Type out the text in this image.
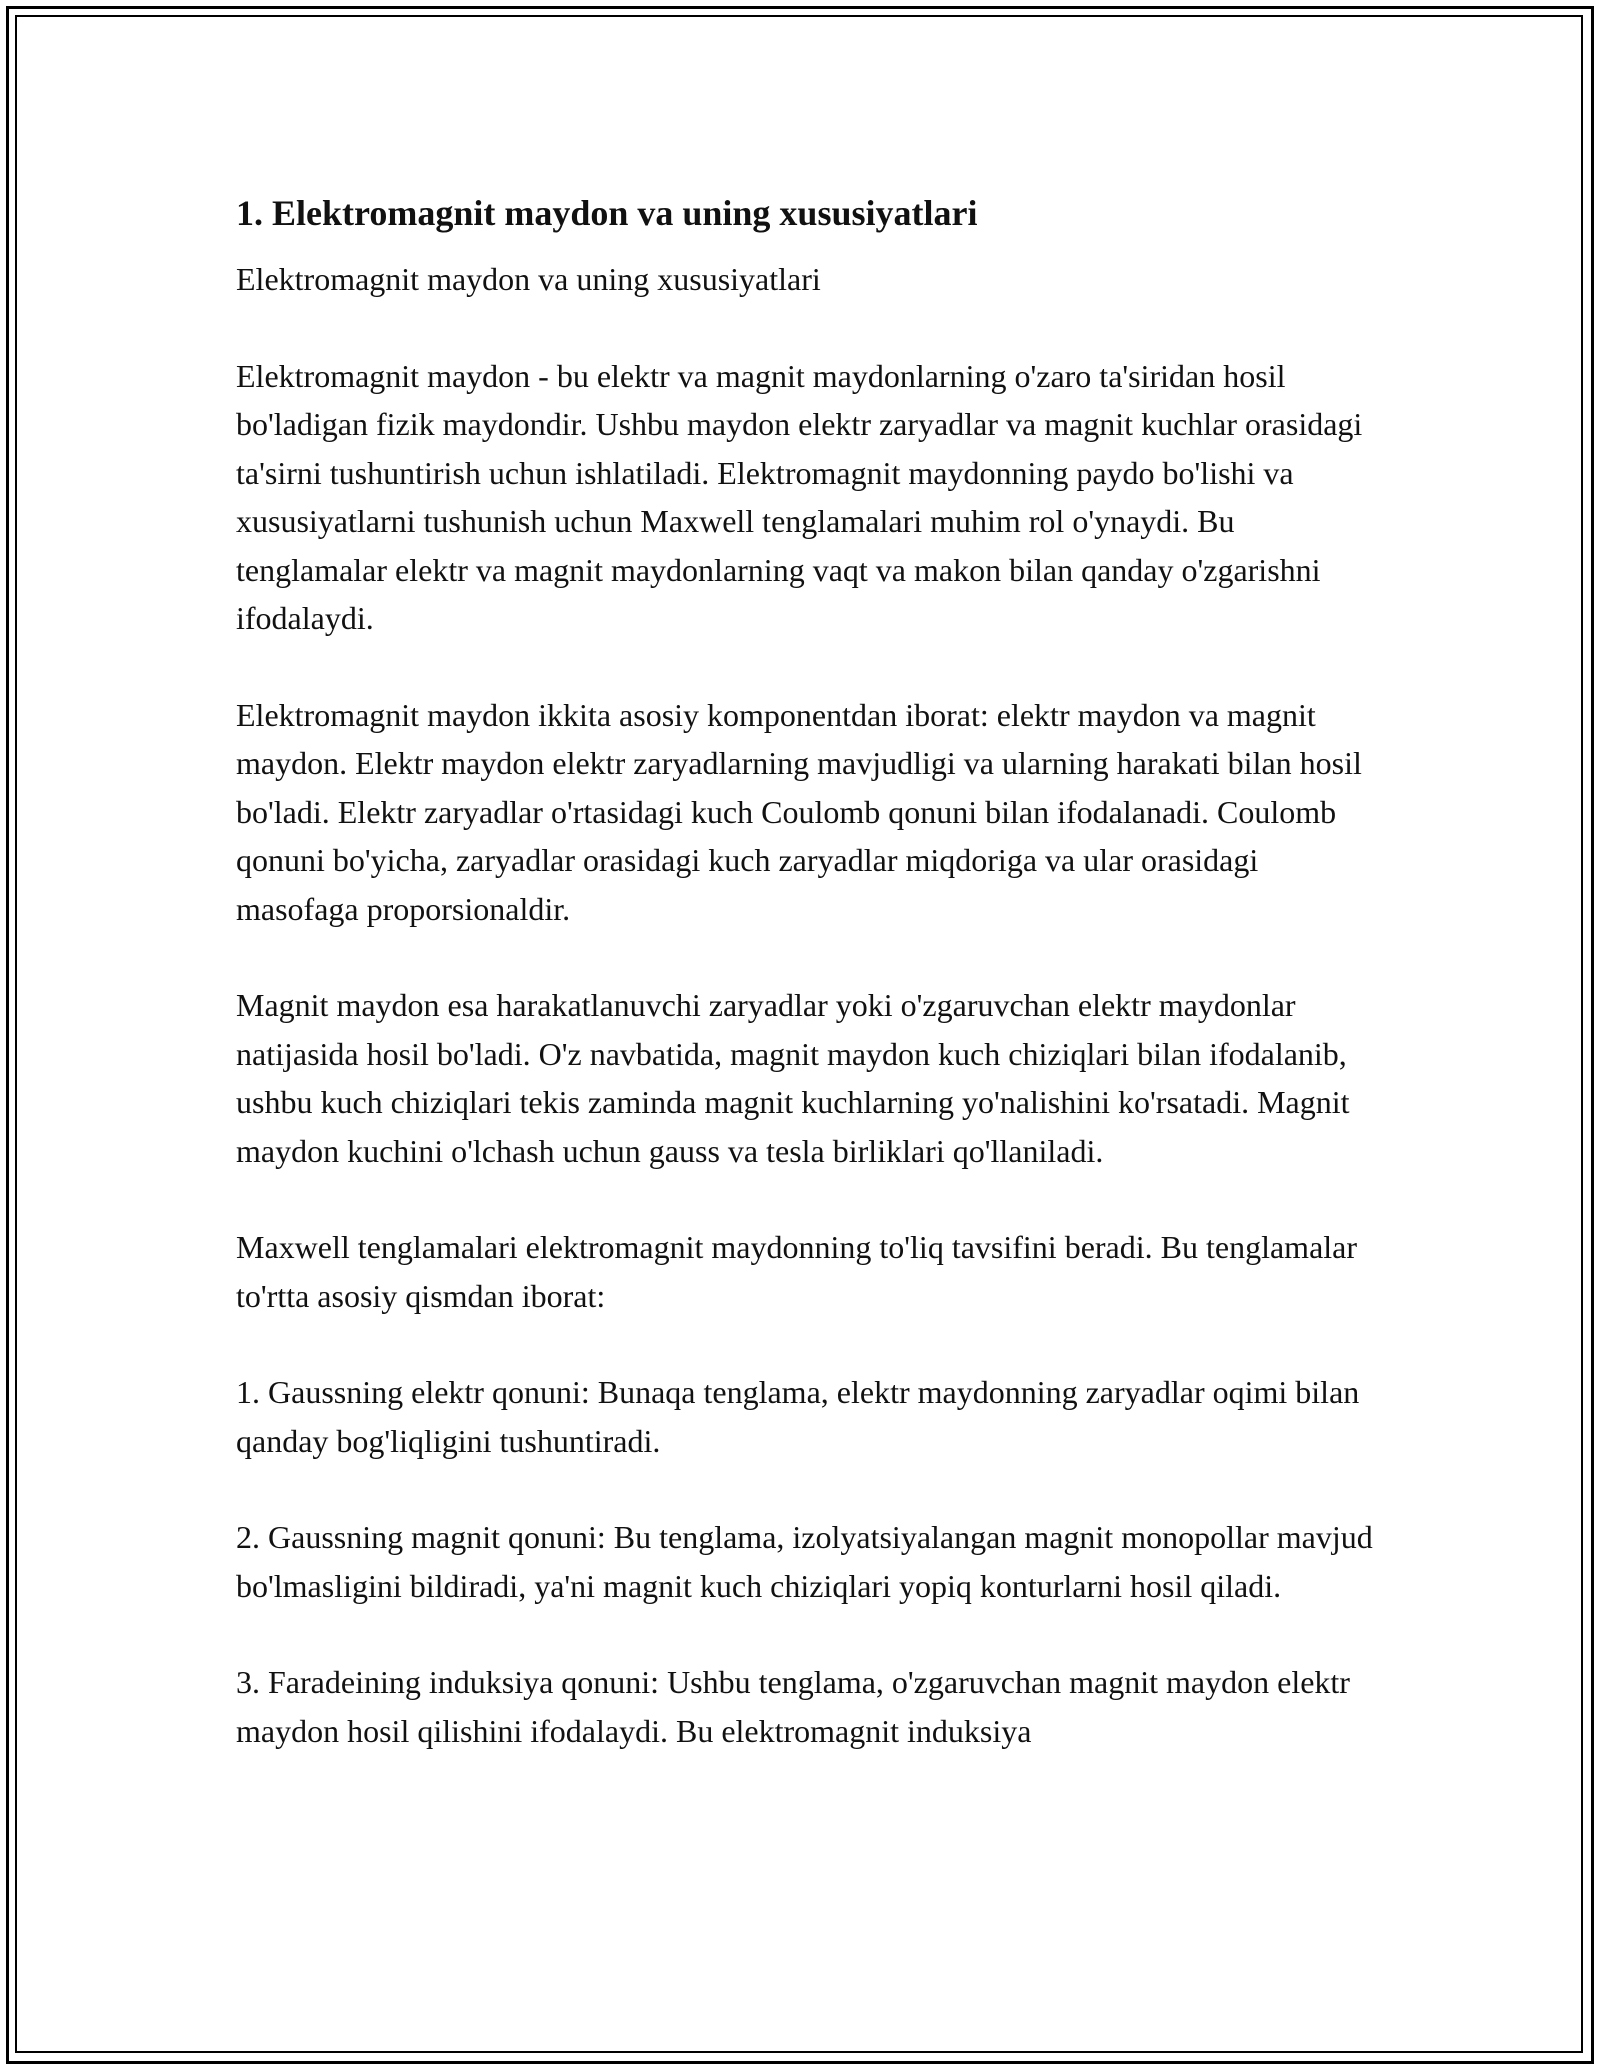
1. Elektromagnit maydon va uning xususiyatlari

Elektromagnit maydon va uning xususiyatlari

Elektromagnit maydon - bu elektr va magnit maydonlarning o'zaro ta'siridan hosil bo'ladigan fizik maydondir. Ushbu maydon elektr zaryadlar va magnit kuchlar orasidagi ta'sirni tushuntirish uchun ishlatiladi. Elektromagnit maydonning paydo bo'lishi va xususiyatlarni tushunish uchun Maxwell tenglamalari muhim rol o'ynaydi. Bu tenglamalar elektr va magnit maydonlarning vaqt va makon bilan qanday o'zgarishni ifodalaydi.

Elektromagnit maydon ikkita asosiy komponentdan iborat: elektr maydon va magnit maydon. Elektr maydon elektr zaryadlarning mavjudligi va ularning harakati bilan hosil bo'ladi. Elektr zaryadlar o'rtasidagi kuch Coulomb qonuni bilan ifodalanadi. Coulomb qonuni bo'yicha, zaryadlar orasidagi kuch zaryadlar miqdoriga va ular orasidagi masofaga proporsionaldir.

Magnit maydon esa harakatlanuvchi zaryadlar yoki o'zgaruvchan elektr maydonlar natijasida hosil bo'ladi. O'z navbatida, magnit maydon kuch chiziqlari bilan ifodalanib, ushbu kuch chiziqlari tekis zaminda magnit kuchlarning yo'nalishini ko'rsatadi. Magnit maydon kuchini o'lchash uchun gauss va tesla birliklari qo'llaniladi.

Maxwell tenglamalari elektromagnit maydonning to'liq tavsifini beradi. Bu tenglamalar to'rtta asosiy qismdan iborat:

1. Gaussning elektr qonuni: Bunaqa tenglama, elektr maydonning zaryadlar oqimi bilan qanday bog'liqligini tushuntiradi.

2. Gaussning magnit qonuni: Bu tenglama, izolyatsiyalangan magnit monopollar mavjud bo'lmasligini bildiradi, ya'ni magnit kuch chiziqlari yopiq konturlarni hosil qiladi.

3. Faradeining induksiya qonuni: Ushbu tenglama, o'zgaruvchan magnit maydon elektr maydon hosil qilishini ifodalaydi. Bu elektromagnit induksiya
